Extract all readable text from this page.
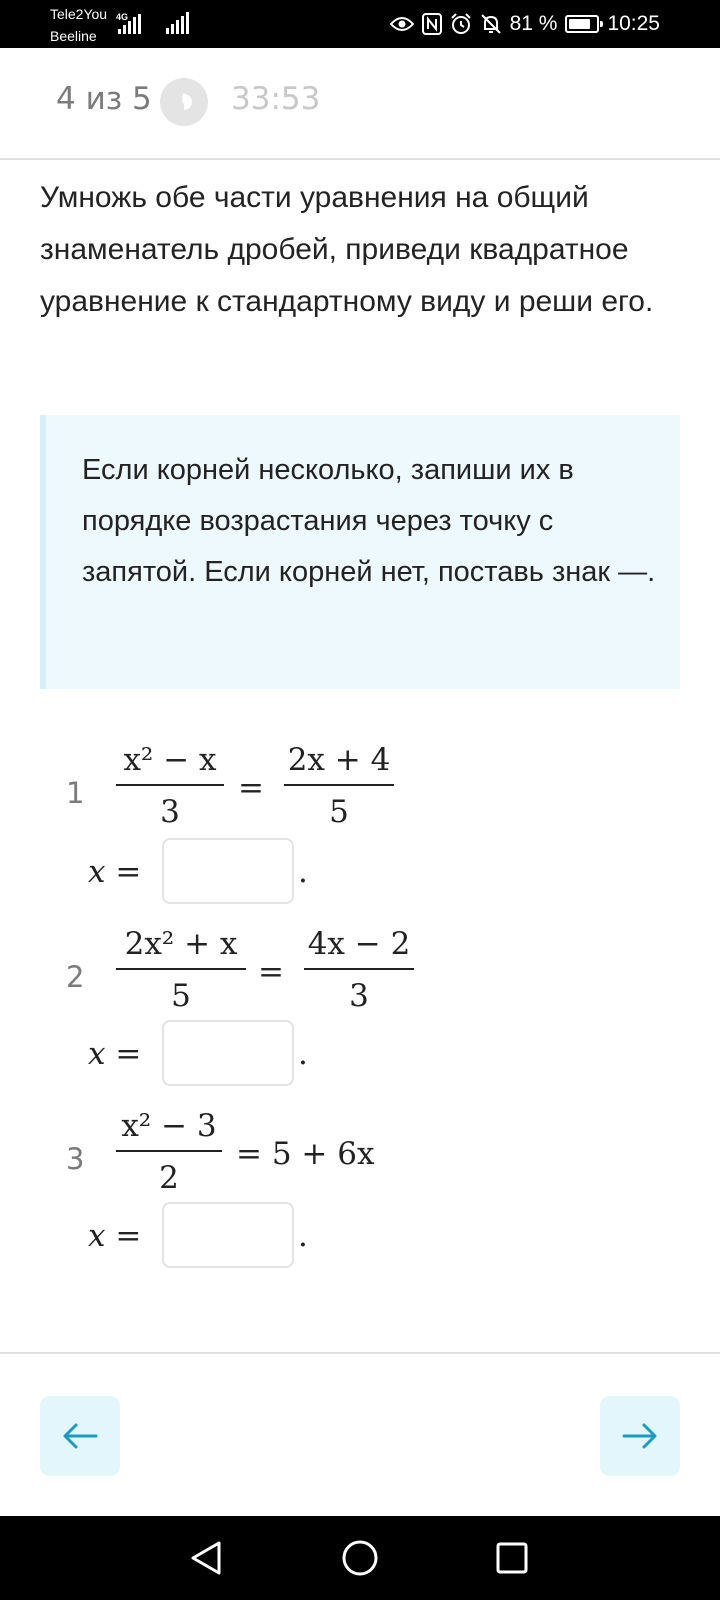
Tele2You
Beeline
4G	81 % 10:25
4 из 5	33:53
Умножь обе части уравнения на общий знаменатель дробей, приведи квадратное уравнение к стандартному виду и реши его.
Если корней несколько, запиши их в порядке возрастания через точку с запятой. Если корней нет, поставь знак —.
1
x² − x
3
=
2x + 4
5
x =	.
2
2x² + x
5
=
4x − 2
3
x =	.
3
x² − 3
2
= 5 + 6x
x =	.
